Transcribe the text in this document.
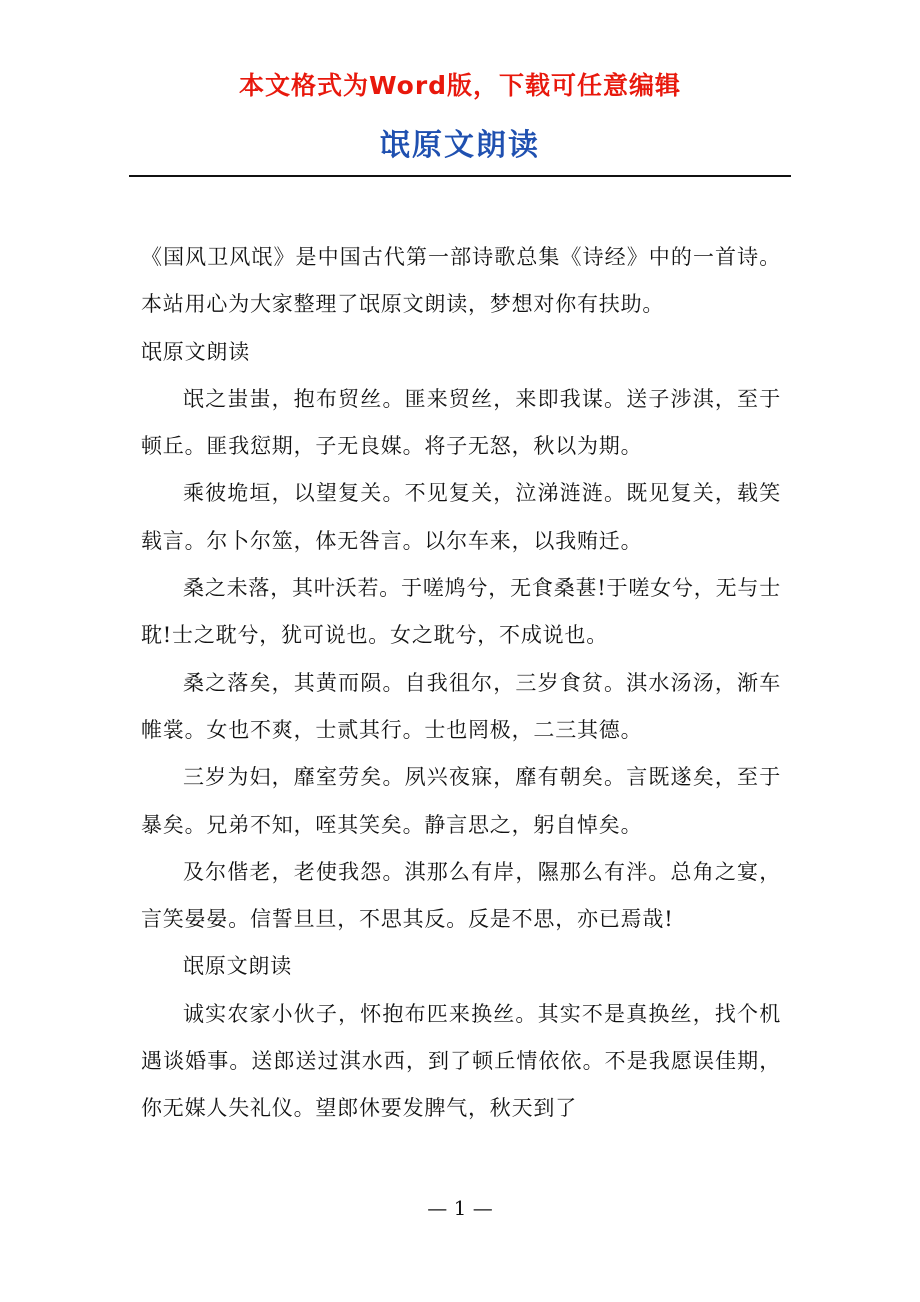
本文格式为Word版，下载可任意编辑
氓原文朗读

《国风卫风氓》是中国古代第一部诗歌总集《诗经》中的一首诗。本站用心为大家整理了氓原文朗读，梦想对你有扶助。

氓原文朗读

氓之蚩蚩，抱布贸丝。匪来贸丝，来即我谋。送子涉淇，至于顿丘。匪我愆期，子无良媒。将子无怒，秋以为期。

乘彼垝垣，以望复关。不见复关，泣涕涟涟。既见复关，载笑载言。尔卜尔筮，体无咎言。以尔车来，以我贿迁。

桑之未落，其叶沃若。于嗟鸠兮，无食桑葚!于嗟女兮，无与士耽!士之耽兮，犹可说也。女之耽兮，不成说也。

桑之落矣，其黄而陨。自我徂尔，三岁食贫。淇水汤汤，渐车帷裳。女也不爽，士贰其行。士也罔极，二三其德。

三岁为妇，靡室劳矣。夙兴夜寐，靡有朝矣。言既遂矣，至于暴矣。兄弟不知，咥其笑矣。静言思之，躬自悼矣。

及尔偕老，老使我怨。淇那么有岸，隰那么有泮。总角之宴，言笑晏晏。信誓旦旦，不思其反。反是不思，亦已焉哉!

氓原文朗读

诚实农家小伙子，怀抱布匹来换丝。其实不是真换丝，找个机遇谈婚事。送郎送过淇水西，到了顿丘情依依。不是我愿误佳期，你无媒人失礼仪。望郎休要发脾气，秋天到了

— 1 —
